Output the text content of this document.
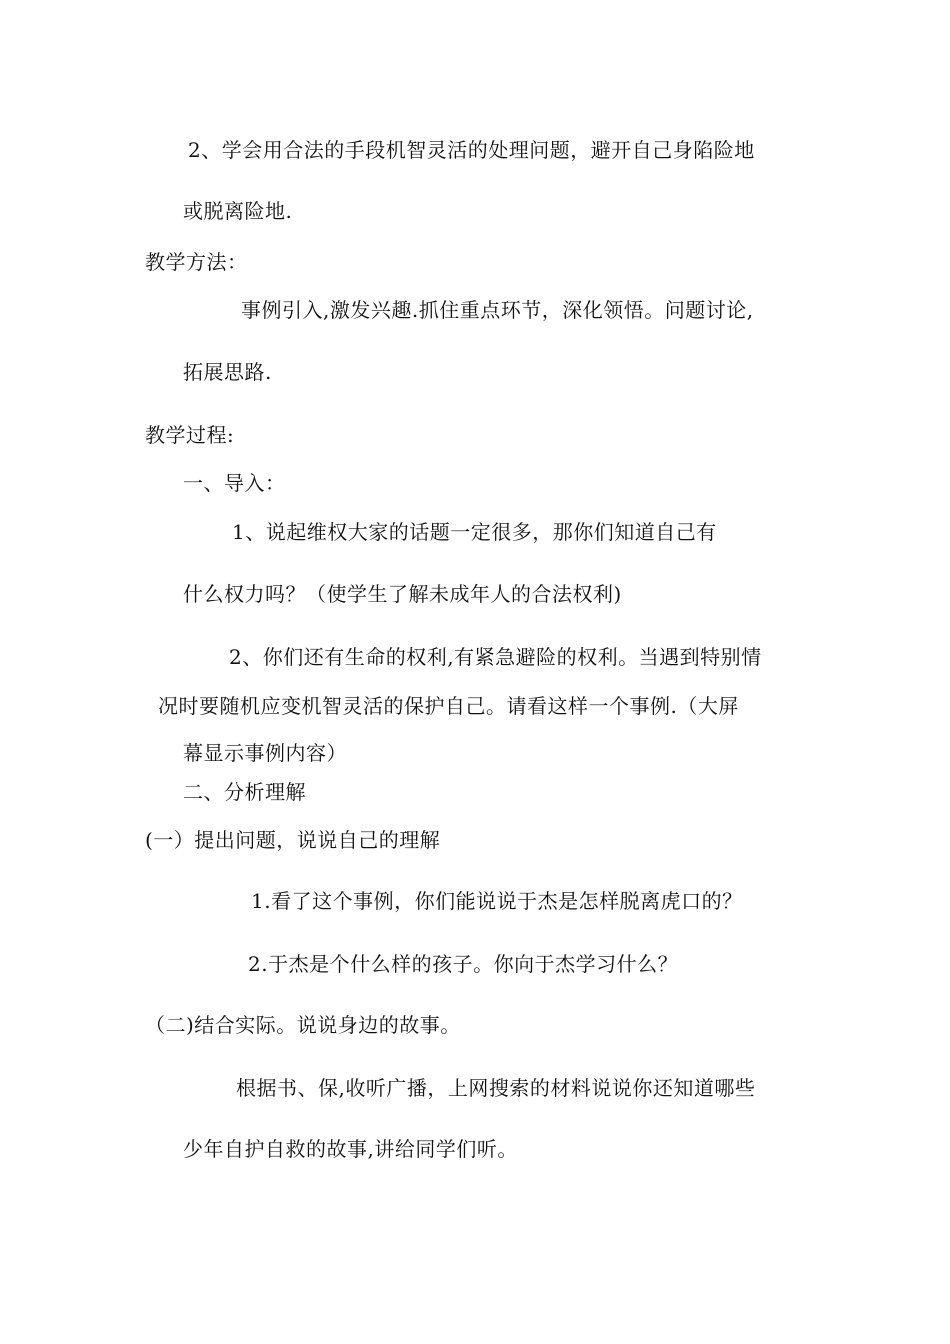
2、学会用合法的手段机智灵活的处理问题，避开自己身陷险地
或脱离险地.
教学方法：
事例引入,激发兴趣.抓住重点环节，深化领悟。问题讨论,
拓展思路.
教学过程:
一、导入：
1、说起维权大家的话题一定很多，那你们知道自己有
什么权力吗？（使学生了解未成年人的合法权利)
2、你们还有生命的权利,有紧急避险的权利。当遇到特别情
况时要随机应变机智灵活的保护自己。请看这样一个事例.（大屏
幕显示事例内容）
二、分析理解
(一）提出问题，说说自己的理解
1.看了这个事例，你们能说说于杰是怎样脱离虎口的？
2.于杰是个什么样的孩子。你向于杰学习什么？
（二)结合实际。说说身边的故事。
根据书、保,收听广播，上网搜索的材料说说你还知道哪些
少年自护自救的故事,讲给同学们听。
